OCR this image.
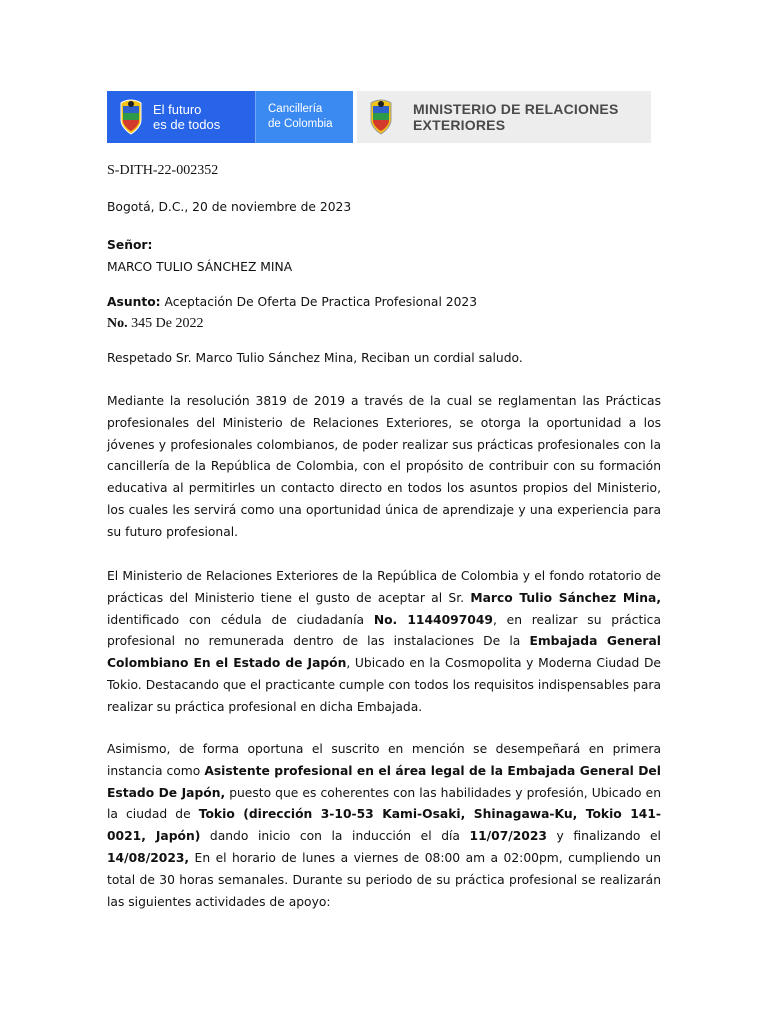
El futuro
es de todos
Cancillería
de Colombia
MINISTERIO DE RELACIONES
EXTERIORES
S-DITH-22-002352
Bogotá, D.C., 20 de noviembre de 2023
Señor:
MARCO TULIO SÁNCHEZ MINA
Asunto: Aceptación De Oferta De Practica Profesional 2023
No. 345 De 2022
Respetado Sr. Marco Tulio Sánchez Mina, Reciban un cordial saludo.

Mediante la resolución 3819 de 2019 a través de la cual se reglamentan las Prácticas profesionales del Ministerio de Relaciones Exteriores, se otorga la oportunidad a los jóvenes y profesionales colombianos, de poder realizar sus prácticas profesionales con la cancillería de la República de Colombia, con el propósito de contribuir con su formación educativa al permitirles un contacto directo en todos los asuntos propios del Ministerio, los cuales les servirá como una oportunidad única de aprendizaje y una experiencia para su futuro profesional.

El Ministerio de Relaciones Exteriores de la República de Colombia y el fondo rotatorio de prácticas del Ministerio tiene el gusto de aceptar al Sr. Marco Tulio Sánchez Mina, identificado con cédula de ciudadanía No. 1144097049, en realizar su práctica profesional no remunerada dentro de las instalaciones De la Embajada General Colombiano En el Estado de Japón, Ubicado en la Cosmopolita y Moderna Ciudad De Tokio. Destacando que el practicante cumple con todos los requisitos indispensables para realizar su práctica profesional en dicha Embajada.

Asimismo, de forma oportuna el suscrito en mención se desempeñará en primera instancia como Asistente profesional en el área legal de la Embajada General Del Estado De Japón, puesto que es coherentes con las habilidades y profesión, Ubicado en la ciudad de Tokio (dirección 3-10-53 Kami-Osaki, Shinagawa-Ku, Tokio 141-0021, Japón) dando inicio con la inducción el día 11/07/2023 y finalizando el 14/08/2023, En el horario de lunes a viernes de 08:00 am a 02:00pm, cumpliendo un total de 30 horas semanales. Durante su periodo de su práctica profesional se realizarán las siguientes actividades de apoyo:
